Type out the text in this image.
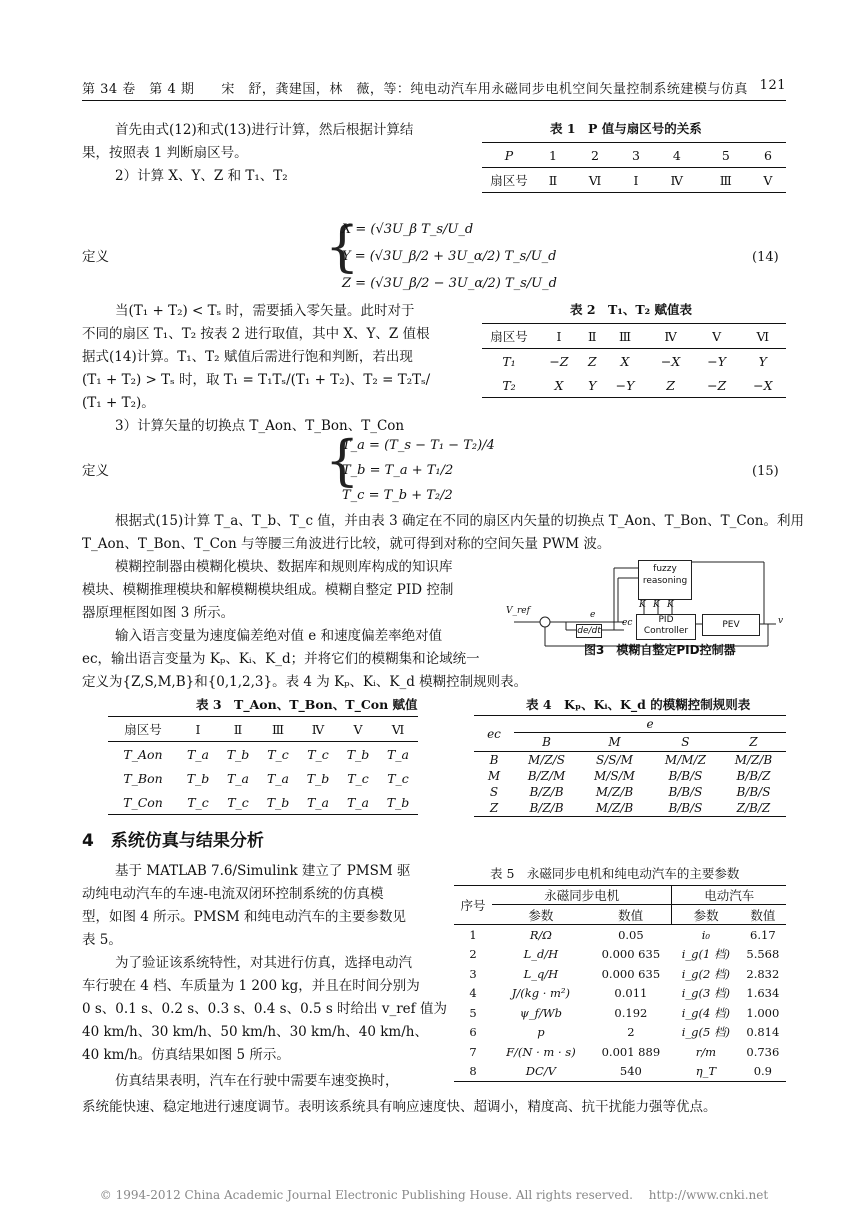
第 34 卷　第 4 期　　宋　舒，龚建国，林　薇，等：纯电动汽车用永磁同步电机空间矢量控制系统建模与仿真 121
首先由式(12)和式(13)进行计算，然后根据计算结
果，按照表 1 判断扇区号。
2）计算 X、Y、Z 和 T₁、T₂
表 1　P 值与扇区号的关系
P	1	2	3	4	5	6
扇区号	Ⅱ	Ⅵ	Ⅰ	Ⅳ	Ⅲ	Ⅴ
定义	{
X = (√3U_β T_s/U_d
Y = (√3U_β/2 + 3U_α/2) T_s/U_d
Z = (√3U_β/2 − 3U_α/2) T_s/U_d
(14)
当(T₁ + T₂) < Tₛ 时，需要插入零矢量。此时对于
不同的扇区 T₁、T₂ 按表 2 进行取值，其中 X、Y、Z 值根
据式(14)计算。T₁、T₂ 赋值后需进行饱和判断，若出现
(T₁ + T₂) > Tₛ 时，取 T₁ = T₁Tₛ/(T₁ + T₂)、T₂ = T₂Tₛ/
(T₁ + T₂)。
3）计算矢量的切换点 T_Aon、T_Bon、T_Con
表 2　T₁、T₂ 赋值表
扇区号	Ⅰ	Ⅱ	Ⅲ	Ⅳ	Ⅴ	Ⅵ
T₁	−Z	Z	X	−X	−Y	Y
T₂	X	Y	−Y	Z	−Z	−X
定义	{
T_a = (T_s − T₁ − T₂)/4
T_b = T_a + T₁/2
T_c = T_b + T₂/2
(15)
根据式(15)计算 T_a、T_b、T_c 值，并由表 3 确定在不同的扇区内矢量的切换点 T_Aon、T_Bon、T_Con。利用
T_Aon、T_Bon、T_Con 与等腰三角波进行比较，就可得到对称的空间矢量 PWM 波。
模糊控制器由模糊化模块、数据库和规则库构成的知识库
模块、模糊推理模块和解模糊模块组成。模糊自整定 PID 控制
器原理框图如图 3 所示。
输入语言变量为速度偏差绝对值 e 和速度偏差率绝对值
ec，输出语言变量为 Kₚ、Kᵢ、K_d；并将它们的模糊集和论域统一
定义为{Z,S,M,B}和{0,1,2,3}。表 4 为 Kₚ、Kᵢ、K_d 模糊控制规则表。
fuzzy reasoning
de/dt
PID Controller
PEV
V_ref	e
ec	v
K K K
图3　模糊自整定PID控制器
表 3　T_Aon、T_Bon、T_Con 赋值
扇区号	Ⅰ	Ⅱ	Ⅲ	Ⅳ	Ⅴ	Ⅵ
T_Aon	T_a	T_b	T_c	T_c	T_b	T_a
T_Bon	T_b	T_a	T_a	T_b	T_c	T_c
T_Con	T_c	T_c	T_b	T_a	T_a	T_b
表 4　Kₚ、Kᵢ、K_d 的模糊控制规则表
ec	e			
	B	M	S	Z
B	M/Z/S	S/S/M	M/M/Z	M/Z/B
M	B/Z/M	M/S/M	B/B/S	B/B/Z
S	B/Z/B	M/Z/B	B/B/S	B/B/S
Z	B/Z/B	M/Z/B	B/B/S	Z/B/Z
4　系统仿真与结果分析
基于 MATLAB 7.6/Simulink 建立了 PMSM 驱
动纯电动汽车的车速-电流双闭环控制系统的仿真模
型，如图 4 所示。PMSM 和纯电动汽车的主要参数见
表 5。
为了验证该系统特性，对其进行仿真，选择电动汽
车行驶在 4 档、车质量为 1 200 kg，并且在时间分别为
0 s、0.1 s、0.2 s、0.3 s、0.4 s、0.5 s 时给出 v_ref 值为
40 km/h、30 km/h、50 km/h、30 km/h、40 km/h、
40 km/h。仿真结果如图 5 所示。
仿真结果表明，汽车在行驶中需要车速变换时，
系统能快速、稳定地进行速度调节。表明该系统具有响应速度快、超调小，精度高、抗干扰能力强等优点。
表 5　永磁同步电机和纯电动汽车的主要参数
序号	永磁同步电机		电动汽车	
	参数	数值	参数	数值
1	R/Ω	0.05	i₀	6.17
2	L_d/H	0.000 635	i_g(1 档)	5.568
3	L_q/H	0.000 635	i_g(2 档)	2.832
4	J/(kg · m²)	0.011	i_g(3 档)	1.634
5	ψ_f/Wb	0.192	i_g(4 档)	1.000
6	p	2	i_g(5 档)	0.814
7	F/(N · m · s)	0.001 889	r/m	0.736
8	DC/V	540	η_T	0.9
© 1994-2012 China Academic Journal Electronic Publishing House. All rights reserved.　 http://www.cnki.net
